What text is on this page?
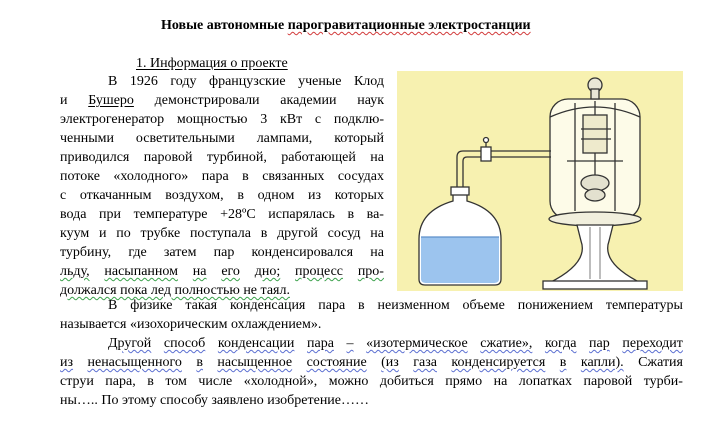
Новые автономные парогравитационные электростанции
1. Информация о проекте
В 1926 году французские ученые Клод
и Бушеро демонстрировали академии наук
электрогенератор мощностью 3 кВт с подклю-
ченными осветительными лампами, который
приводился паровой турбиной, работающей на
потоке «холодного» пара в связанных сосудах
с откачанным воздухом, в одном из которых
вода при температуре +28ºС испарялась в ва-
куум и по трубке поступала в другой сосуд на
турбину, где затем пар конденсировался на
льду, насыпанном на его дно; процесс про-
должался пока лед полностью не таял.
В физике такая конденсация пара в неизменном объеме понижением температуры
называется «изохорическим охлаждением».
Другой способ конденсации пара – «изотермическое сжатие», когда пар переходит
из ненасыщенного в насыщенное состояние (из газа конденсируется в капли). Сжатия
струи пара, в том числе «холодной», можно добиться прямо на лопатках паровой турби-
ны….. По этому способу заявлено изобретение……
